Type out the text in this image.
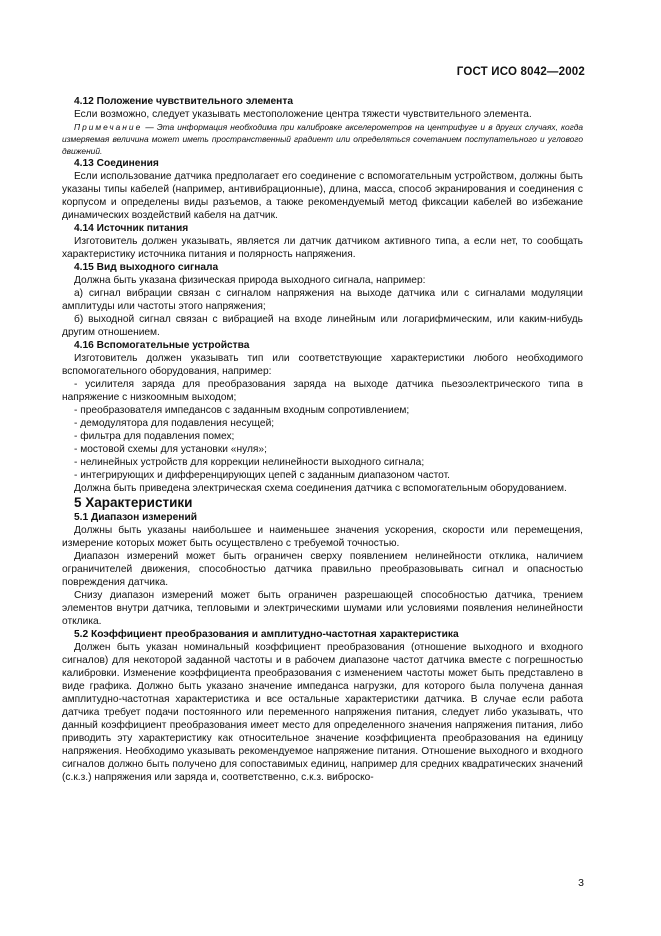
ГОСТ ИСО 8042—2002

4.12 Положение чувствительного элемента

Если возможно, следует указывать местоположение центра тяжести чувствительного элемента.

Примечание — Эта информация необходима при калибровке акселерометров на центрифуге и в других случаях, когда измеряемая величина может иметь пространственный градиент или определяться сочетанием поступательного и углового движений.

4.13 Соединения

Если использование датчика предполагает его соединение с вспомогательным устройством, должны быть указаны типы кабелей (например, антивибрационные), длина, масса, способ экранирования и соединения с корпусом и определены виды разъемов, а также рекомендуемый метод фиксации кабелей во избежание динамических воздействий кабеля на датчик.

4.14 Источник питания

Изготовитель должен указывать, является ли датчик датчиком активного типа, а если нет, то сообщать характеристику источника питания и полярность напряжения.

4.15 Вид выходного сигнала

Должна быть указана физическая природа выходного сигнала, например:

а) сигнал вибрации связан с сигналом напряжения на выходе датчика или с сигналами модуляции амплитуды или частоты этого напряжения;

б) выходной сигнал связан с вибрацией на входе линейным или логарифмическим, или каким-нибудь другим отношением.

4.16 Вспомогательные устройства

Изготовитель должен указывать тип или соответствующие характеристики любого необходимого вспомогательного оборудования, например:

- усилителя заряда для преобразования заряда на выходе датчика пьезоэлектрического типа в напряжение с низкоомным выходом;

- преобразователя импедансов с заданным входным сопротивлением;

- демодулятора для подавления несущей;

- фильтра для подавления помех;

- мостовой схемы для установки «нуля»;

- нелинейных устройств для коррекции нелинейности выходного сигнала;

- интегрирующих и дифференцирующих цепей с заданным диапазоном частот.

Должна быть приведена электрическая схема соединения датчика с вспомогательным оборудованием.

5 Характеристики

5.1 Диапазон измерений

Должны быть указаны наибольшее и наименьшее значения ускорения, скорости или перемещения, измерение которых может быть осуществлено с требуемой точностью.

Диапазон измерений может быть ограничен сверху появлением нелинейности отклика, наличием ограничителей движения, способностью датчика правильно преобразовывать сигнал и опасностью повреждения датчика.

Снизу диапазон измерений может быть ограничен разрешающей способностью датчика, трением элементов внутри датчика, тепловыми и электрическими шумами или условиями появления нелинейности отклика.

5.2 Коэффициент преобразования и амплитудно-частотная характеристика

Должен быть указан номинальный коэффициент преобразования (отношение выходного и входного сигналов) для некоторой заданной частоты и в рабочем диапазоне частот датчика вместе с погрешностью калибровки. Изменение коэффициента преобразования с изменением частоты может быть представлено в виде графика. Должно быть указано значение импеданса нагрузки, для которого была получена данная амплитудно-частотная характеристика и все остальные характеристики датчика. В случае если работа датчика требует подачи постоянного или переменного напряжения питания, следует либо указывать, что данный коэффициент преобразования имеет место для определенного значения напряжения питания, либо приводить эту характеристику как относительное значение коэффициента преобразования на единицу напряжения. Необходимо указывать рекомендуемое напряжение питания. Отношение выходного и входного сигналов должно быть получено для сопоставимых единиц, например для средних квадратических значений (с.к.з.) напряжения или заряда и, соответственно, с.к.з. виброско-

3
